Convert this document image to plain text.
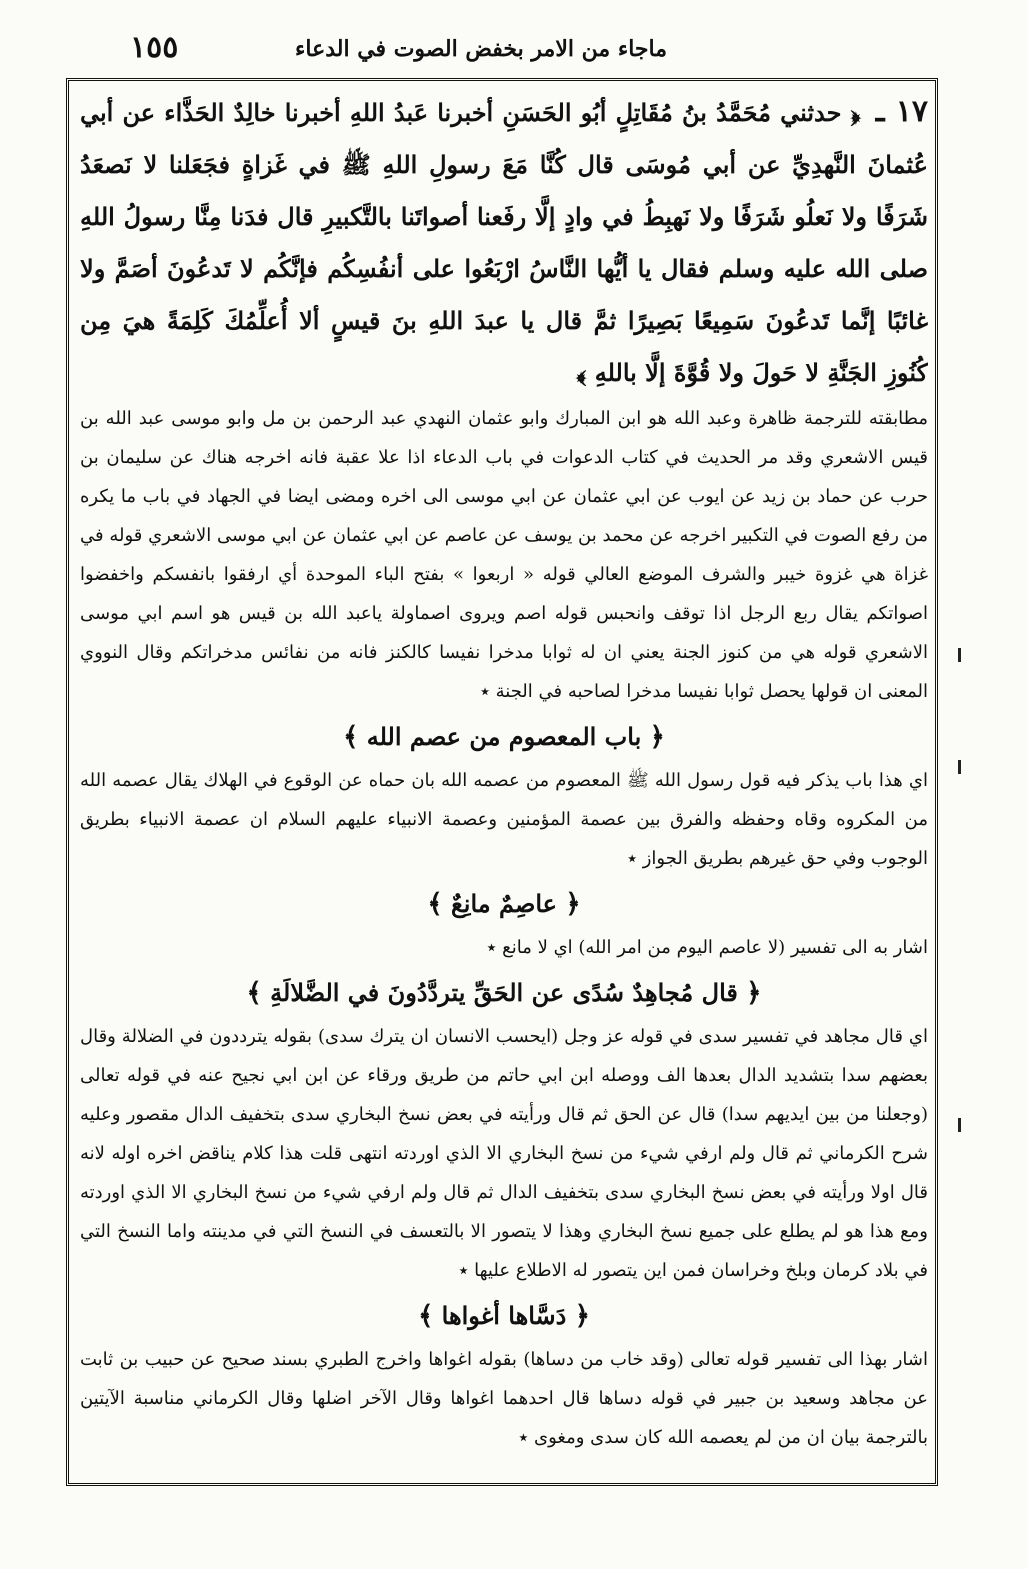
ماجاء من الامر بخفض الصوت في الدعاء
١٥٥

١٧ ـ ﴿ حدثني مُحَمَّدُ بنُ مُقَاتِلٍ أبُو الحَسَنِ أخبرنا عَبدُ اللهِ أخبرنا خالِدٌ الحَذَّاء عن أبي عُثمانَ النَّهدِيِّ عن أبي مُوسَى قال كُنَّا مَعَ رسولِ اللهِ ﷺ في غَزاةٍ فجَعَلنا لا نَصعَدُ شَرَفًا ولا نَعلُو شَرَفًا ولا نَهبِطُ في وادٍ إلَّا رفَعنا أصواتَنا بالتَّكبيرِ قال فدَنا مِنَّا رسولُ اللهِ صلى الله عليه وسلم فقال يا أيُّها النَّاسُ ارْبَعُوا على أنفُسِكُم فإنَّكُم لا تَدعُونَ أصَمَّ ولا غائبًا إنَّما تَدعُونَ سَمِيعًا بَصِيرًا ثمَّ قال يا عبدَ اللهِ بنَ قيسٍ ألا أُعلِّمُكَ كَلِمَةً هيَ مِن كُنُوزِ الجَنَّةِ لا حَولَ ولا قُوَّةَ إلَّا باللهِ ﴾

مطابقته للترجمة ظاهرة وعبد الله هو ابن المبارك وابو عثمان النهدي عبد الرحمن بن مل وابو موسى عبد الله بن قيس الاشعري وقد مر الحديث في كتاب الدعوات في باب الدعاء اذا علا عقبة فانه اخرجه هناك عن سليمان بن حرب عن حماد بن زيد عن ايوب عن ابي عثمان عن ابي موسى الى اخره ومضى ايضا في الجهاد في باب ما يكره من رفع الصوت في التكبير اخرجه عن محمد بن يوسف عن عاصم عن ابي عثمان عن ابي موسى الاشعري قوله في غزاة هي غزوة خيبر والشرف الموضع العالي قوله « اربعوا » بفتح الباء الموحدة أي ارفقوا بانفسكم واخفضوا اصواتكم يقال ربع الرجل اذا توقف وانحبس قوله اصم ويروى اصماولة ياعبد الله بن قيس هو اسم ابي موسى الاشعري قوله هي من كنوز الجنة يعني ان له ثوابا مدخرا نفيسا كالكنز فانه من نفائس مدخراتكم وقال النووي المعنى ان قولها يحصل ثوابا نفيسا مدخرا لصاحبه في الجنة ٭

﴿ باب المعصوم من عصم الله ﴾

اي هذا باب يذكر فيه قول رسول الله ﷺ المعصوم من عصمه الله بان حماه عن الوقوع في الهلاك يقال عصمه الله من المكروه وقاه وحفظه والفرق بين عصمة المؤمنين وعصمة الانبياء عليهم السلام ان عصمة الانبياء بطريق الوجوب وفي حق غيرهم بطريق الجواز ٭

﴿ عاصِمٌ مانِعٌ ﴾

اشار به الى تفسير (لا عاصم اليوم من امر الله) اي لا مانع ٭

﴿ قال مُجاهِدٌ سُدًى عن الحَقِّ يتردَّدُونَ في الضَّلالَةِ ﴾

اي قال مجاهد في تفسير سدى في قوله عز وجل (ايحسب الانسان ان يترك سدى) بقوله يترددون في الضلالة وقال بعضهم سدا بتشديد الدال بعدها الف ووصله ابن ابي حاتم من طريق ورقاء عن ابن ابي نجيح عنه في قوله تعالى (وجعلنا من بين ايديهم سدا) قال عن الحق ثم قال ورأيته في بعض نسخ البخاري سدى بتخفيف الدال مقصور وعليه شرح الكرماني ثم قال ولم ارفي شيء من نسخ البخاري الا الذي اوردته انتهى قلت هذا كلام يناقض اخره اوله لانه قال اولا ورأيته في بعض نسخ البخاري سدى بتخفيف الدال ثم قال ولم ارفي شيء من نسخ البخاري الا الذي اوردته ومع هذا هو لم يطلع على جميع نسخ البخاري وهذا لا يتصور الا بالتعسف في النسخ التي في مدينته واما النسخ التي في بلاد كرمان وبلخ وخراسان فمن اين يتصور له الاطلاع عليها ٭

﴿ دَسَّاها أغواها ﴾

اشار بهذا الى تفسير قوله تعالى (وقد خاب من دساها) بقوله اغواها واخرج الطبري بسند صحيح عن حبيب بن ثابت عن مجاهد وسعيد بن جبير في قوله دساها قال احدهما اغواها وقال الآخر اضلها وقال الكرماني مناسبة الآيتين بالترجمة بيان ان من لم يعصمه الله كان سدى ومغوى ٭
